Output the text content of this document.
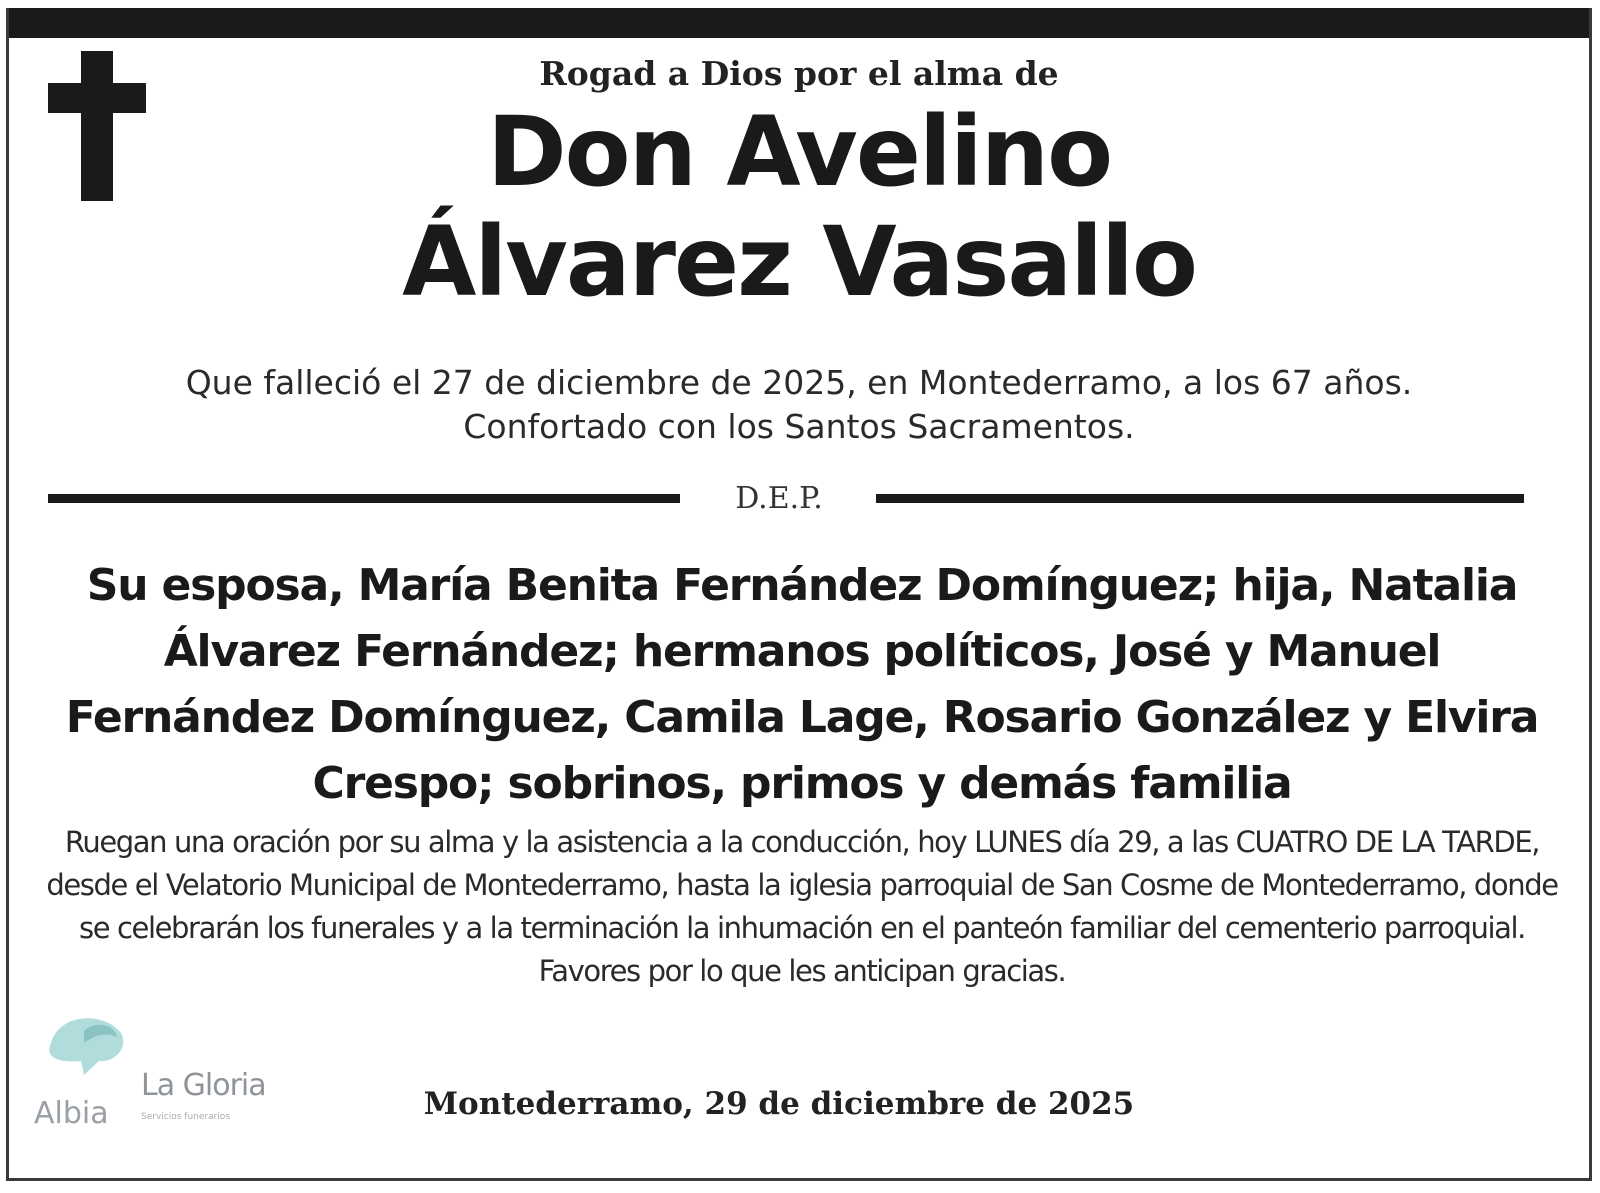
Rogad a Dios por el alma de
Don Avelino
Álvarez Vasallo
Que falleció el 27 de diciembre de 2025, en Montederramo, a los 67 años.
Confortado con los Santos Sacramentos.
D.E.P.
Su esposa, María Benita Fernández Domínguez; hija, Natalia Álvarez Fernández; hermanos políticos, José y Manuel Fernández Domínguez, Camila Lage, Rosario González y Elvira Crespo; sobrinos, primos y demás familia
Ruegan una oración por su alma y la asistencia a la conducción, hoy LUNES día 29, a las CUATRO DE LA TARDE, desde el Velatorio Municipal de Montederramo, hasta la iglesia parroquial de San Cosme de Montederramo, donde se celebrarán los funerales y a la terminación la inhumación en el panteón familiar del cementerio parroquial. Favores por lo que les anticipan gracias.
Albia
La Gloria
Servicios funerarios	Montederramo, 29 de diciembre de 2025
